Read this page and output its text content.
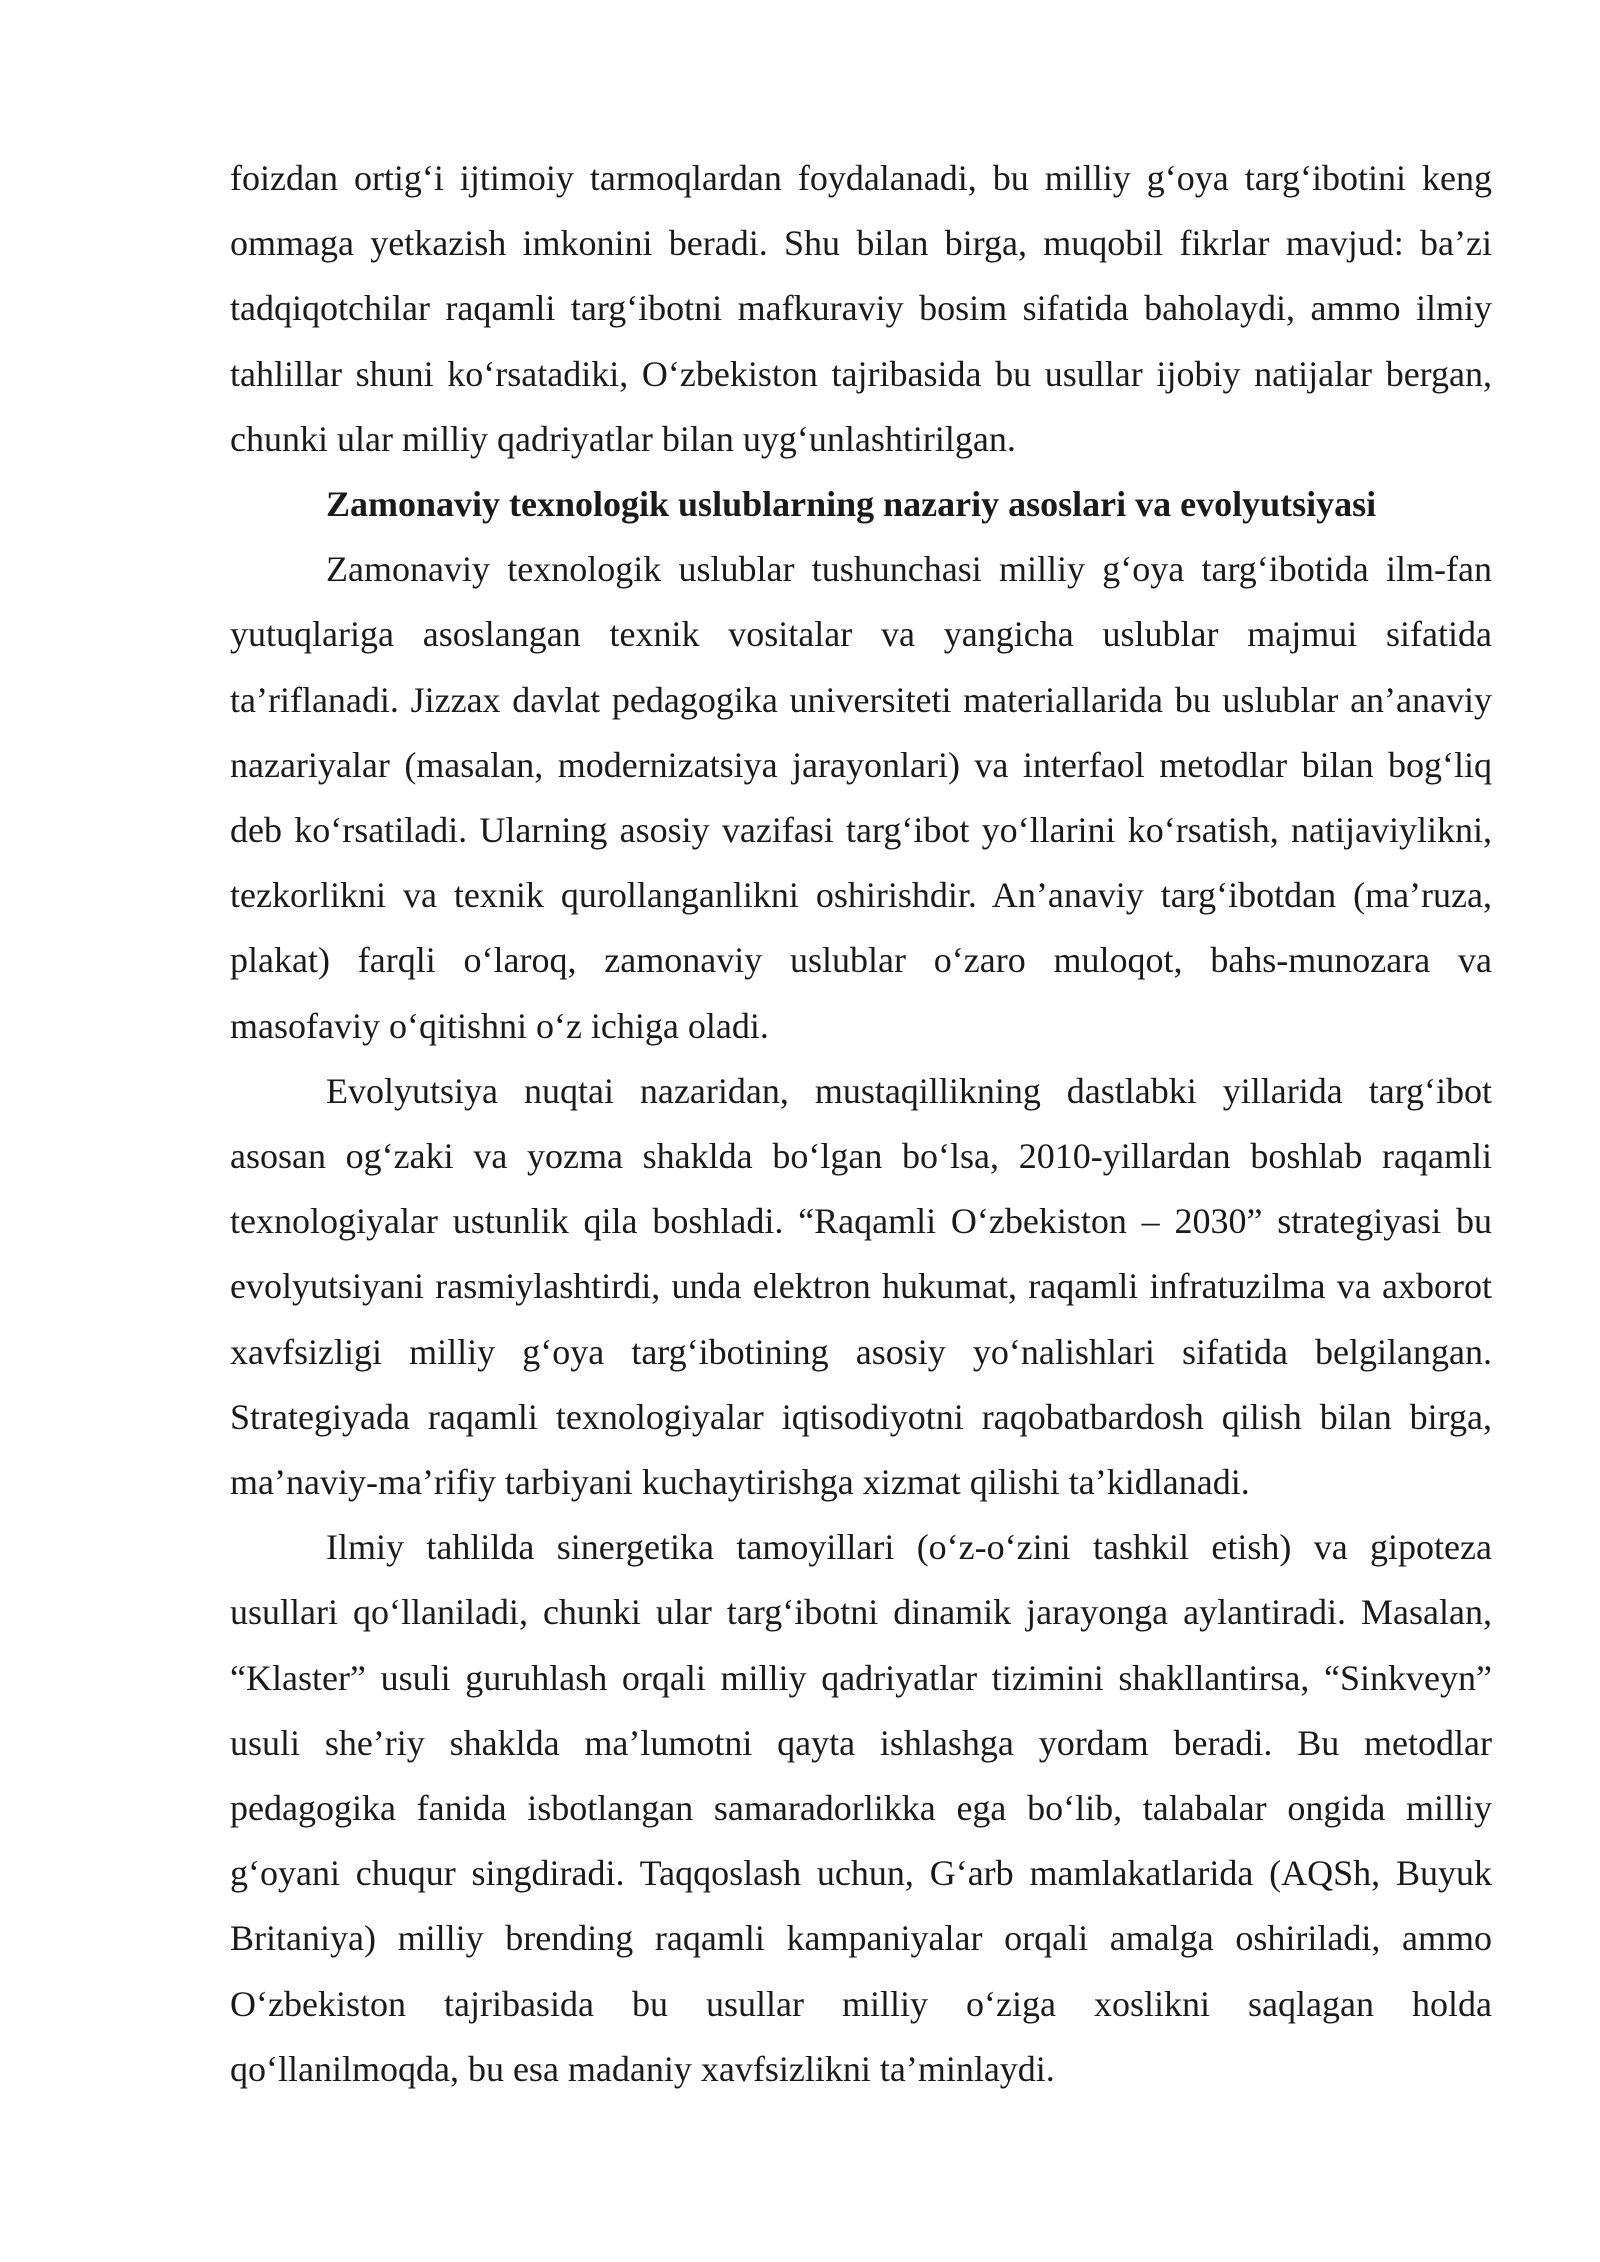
foizdan ortig‘i ijtimoiy tarmoqlardan foydalanadi, bu milliy g‘oya targ‘ibotini keng ommaga yetkazish imkonini beradi. Shu bilan birga, muqobil fikrlar mavjud: ba’zi tadqiqotchilar raqamli targ‘ibotni mafkuraviy bosim sifatida baholaydi, ammo ilmiy tahlillar shuni ko‘rsatadiki, O‘zbekiston tajribasida bu usullar ijobiy natijalar bergan, chunki ular milliy qadriyatlar bilan uyg‘unlashtirilgan.

Zamonaviy texnologik uslublarning nazariy asoslari va evolyutsiyasi

Zamonaviy texnologik uslublar tushunchasi milliy g‘oya targ‘ibotida ilm-fan yutuqlariga asoslangan texnik vositalar va yangicha uslublar majmui sifatida ta’riflanadi. Jizzax davlat pedagogika universiteti materiallarida bu uslublar an’anaviy nazariyalar (masalan, modernizatsiya jarayonlari) va interfaol metodlar bilan bog‘liq deb ko‘rsatiladi. Ularning asosiy vazifasi targ‘ibot yo‘llarini ko‘rsatish, natijaviylikni, tezkorlikni va texnik qurollanganlikni oshirishdir. An’anaviy targ‘ibotdan (ma’ruza, plakat) farqli o‘laroq, zamonaviy uslublar o‘zaro muloqot, bahs-munozara va masofaviy o‘qitishni o‘z ichiga oladi.

Evolyutsiya nuqtai nazaridan, mustaqillikning dastlabki yillarida targ‘ibot asosan og‘zaki va yozma shaklda bo‘lgan bo‘lsa, 2010-yillardan boshlab raqamli texnologiyalar ustunlik qila boshladi. “Raqamli O‘zbekiston – 2030” strategiyasi bu evolyutsiyani rasmiylashtirdi, unda elektron hukumat, raqamli infratuzilma va axborot xavfsizligi milliy g‘oya targ‘ibotining asosiy yo‘nalishlari sifatida belgilangan. Strategiyada raqamli texnologiyalar iqtisodiyotni raqobatbardosh qilish bilan birga, ma’naviy-ma’rifiy tarbiyani kuchaytirishga xizmat qilishi ta’kidlanadi.

Ilmiy tahlilda sinergetika tamoyillari (o‘z-o‘zini tashkil etish) va gipoteza usullari qo‘llaniladi, chunki ular targ‘ibotni dinamik jarayonga aylantiradi. Masalan, “Klaster” usuli guruhlash orqali milliy qadriyatlar tizimini shakllantirsa, “Sinkveyn” usuli she’riy shaklda ma’lumotni qayta ishlashga yordam beradi. Bu metodlar pedagogika fanida isbotlangan samaradorlikka ega bo‘lib, talabalar ongida milliy g‘oyani chuqur singdiradi. Taqqoslash uchun, G‘arb mamlakatlarida (AQSh, Buyuk Britaniya) milliy brending raqamli kampaniyalar orqali amalga oshiriladi, ammo O‘zbekiston tajribasida bu usullar milliy o‘ziga xoslikni saqlagan holda qo‘llanilmoqda, bu esa madaniy xavfsizlikni ta’minlaydi.
